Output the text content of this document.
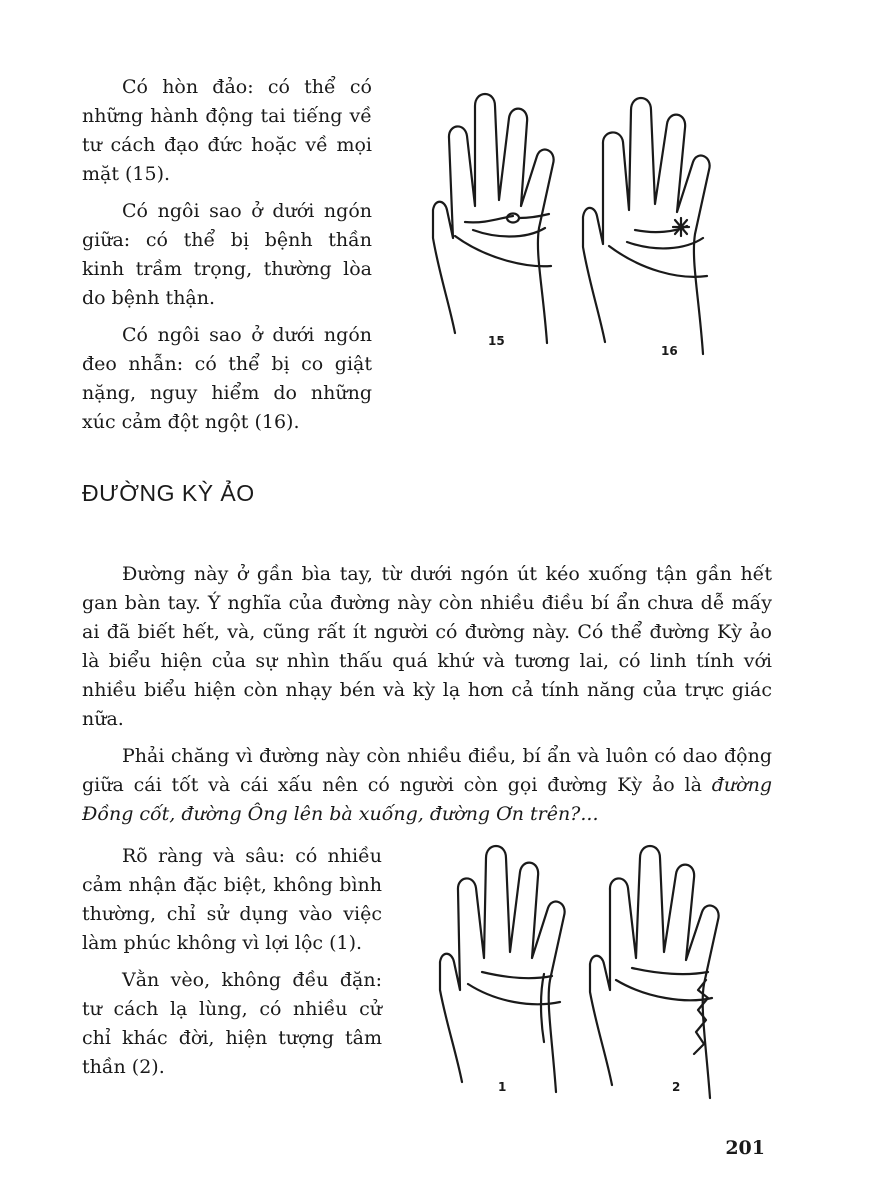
Có hòn đảo: có thể có những hành động tai tiếng về tư cách đạo đức hoặc về mọi mặt (15).

Có ngôi sao ở dưới ngón giữa: có thể bị bệnh thần kinh trầm trọng, thường lòa do bệnh thận.

Có ngôi sao ở dưới ngón đeo nhẫn: có thể bị co giật nặng, nguy hiểm do những xúc cảm đột ngột (16).

15
16
ĐƯỜNG KỲ ẢO

Đường này ở gần bìa tay, từ dưới ngón út kéo xuống tận gần hết gan bàn tay. Ý nghĩa của đường này còn nhiều điều bí ẩn chưa dễ mấy ai đã biết hết, và, cũng rất ít người có đường này. Có thể đường Kỳ ảo là biểu hiện của sự nhìn thấu quá khứ và tương lai, có linh tính với nhiều biểu hiện còn nhạy bén và kỳ lạ hơn cả tính năng của trực giác nữa.

Phải chăng vì đường này còn nhiều điều, bí ẩn và luôn có dao động giữa cái tốt và cái xấu nên có người còn gọi đường Kỳ ảo là đường Đồng cốt, đường Ông lên bà xuống, đường Ơn trên?...

Rõ ràng và sâu: có nhiều cảm nhận đặc biệt, không bình thường, chỉ sử dụng vào việc làm phúc không vì lợi lộc (1).

Vằn vèo, không đều đặn: tư cách lạ lùng, có nhiều cử chỉ khác đời, hiện tượng tâm thần (2).

1	2
201
